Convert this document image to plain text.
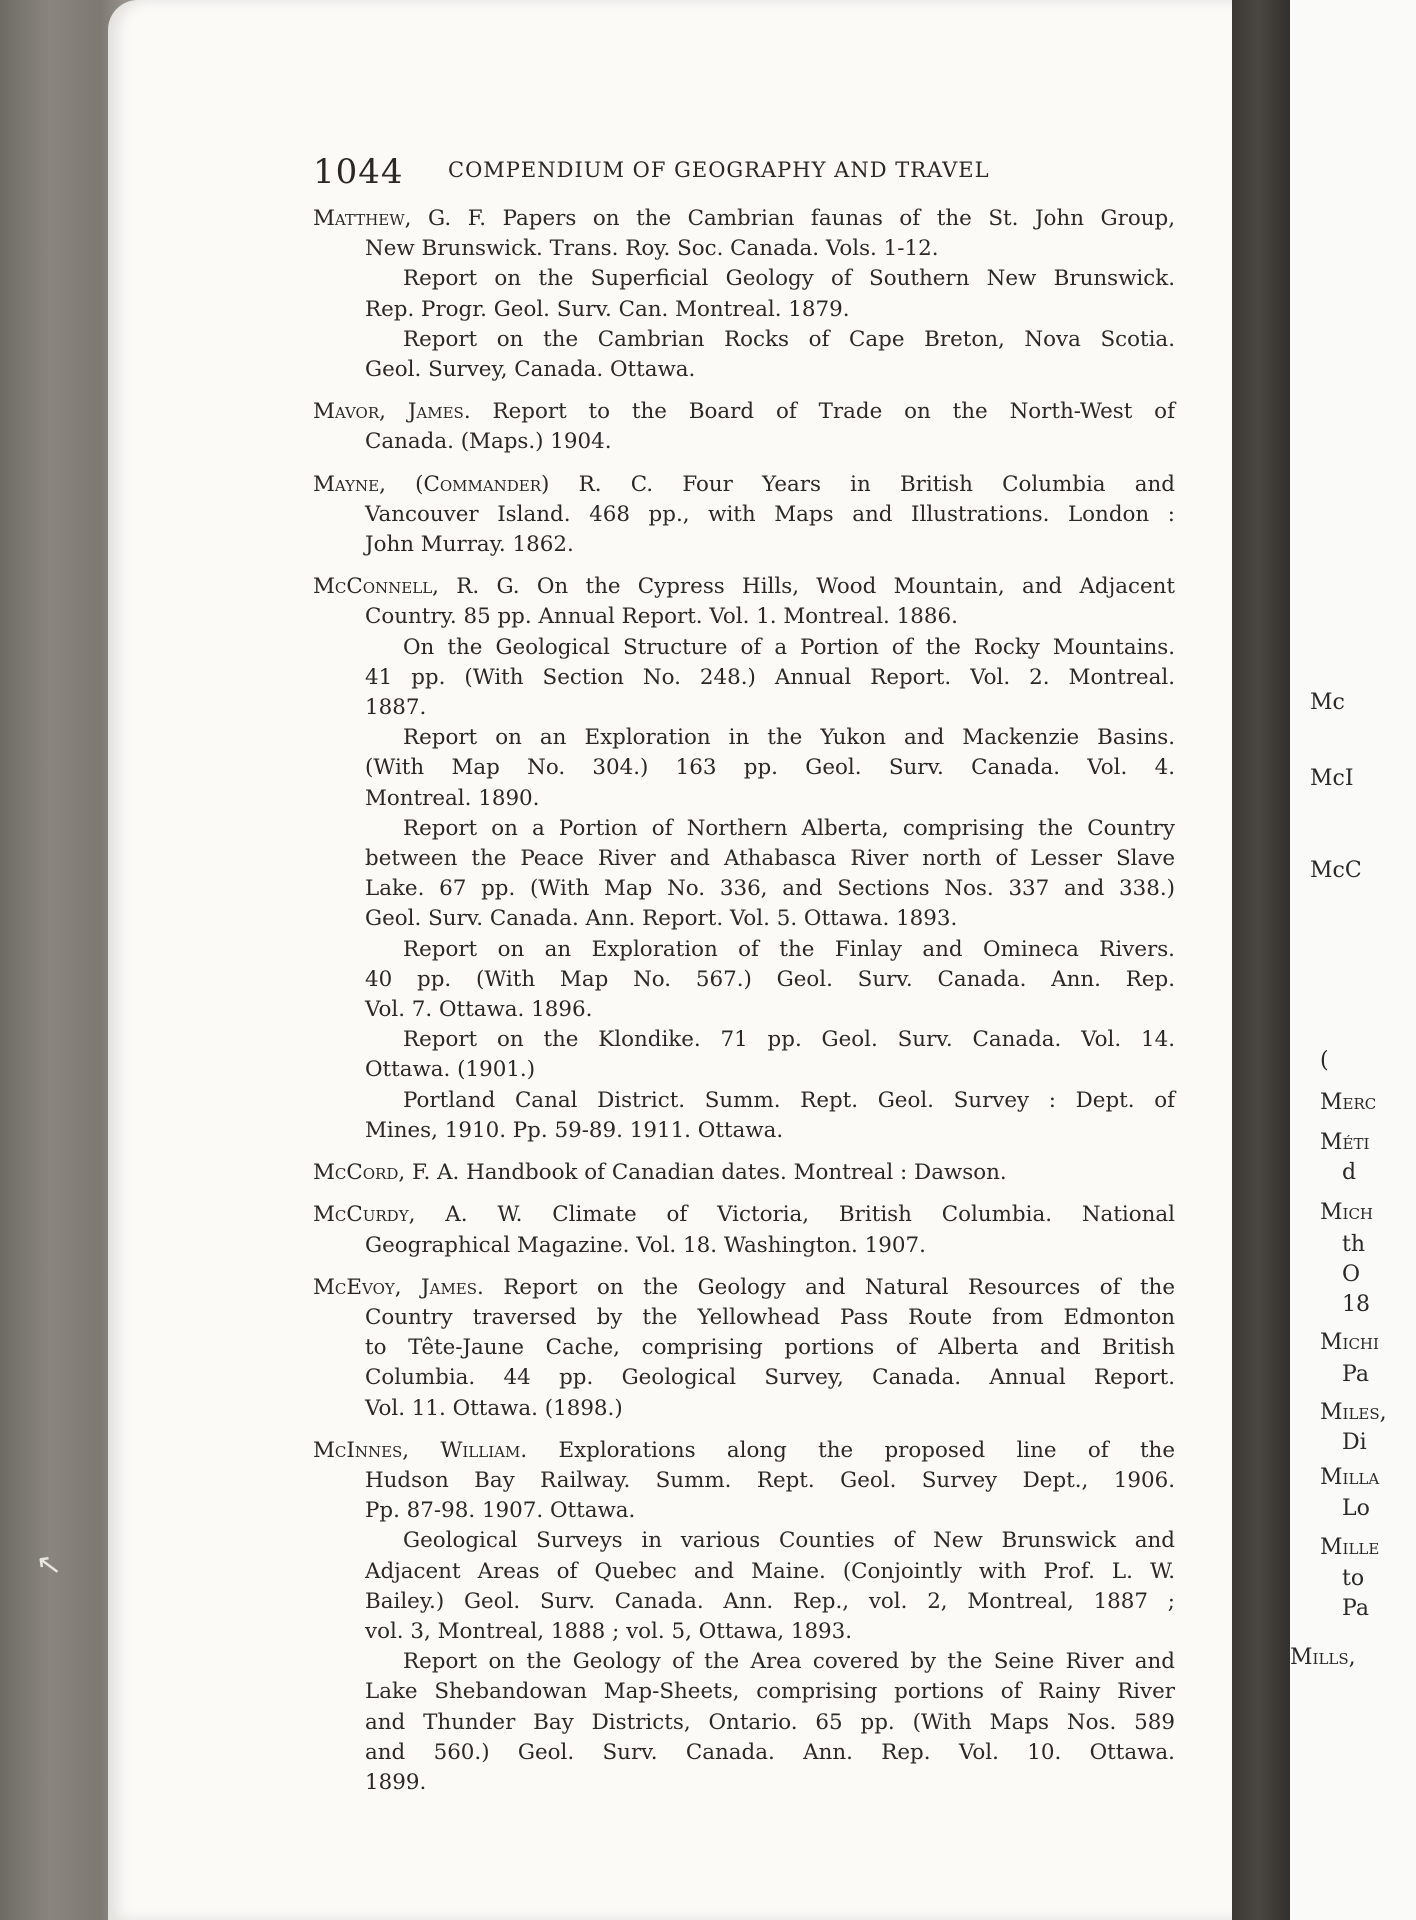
↖
Mc
McI
McC
(
Merc
Méti
d
Mich
th
O
18
Michi
Pa
Miles,
Di
Milla
Lo
Mille
to
Pa
Mills,
1044 COMPENDIUM OF GEOGRAPHY AND TRAVEL
Matthew, G. F. Papers on the Cambrian faunas of the St. John Group,
New Brunswick. Trans. Roy. Soc. Canada. Vols. 1-12.
Report on the Superficial Geology of Southern New Brunswick.
Rep. Progr. Geol. Surv. Can. Montreal. 1879.
Report on the Cambrian Rocks of Cape Breton, Nova Scotia.
Geol. Survey, Canada. Ottawa.
Mavor, James. Report to the Board of Trade on the North-West of
Canada. (Maps.) 1904.
Mayne, (Commander) R. C. Four Years in British Columbia and
Vancouver Island. 468 pp., with Maps and Illustrations. London :
John Murray. 1862.
McConnell, R. G. On the Cypress Hills, Wood Mountain, and Adjacent
Country. 85 pp. Annual Report. Vol. 1. Montreal. 1886.
On the Geological Structure of a Portion of the Rocky Mountains.
41 pp. (With Section No. 248.) Annual Report. Vol. 2. Montreal.
1887.
Report on an Exploration in the Yukon and Mackenzie Basins.
(With Map No. 304.) 163 pp. Geol. Surv. Canada. Vol. 4.
Montreal. 1890.
Report on a Portion of Northern Alberta, comprising the Country
between the Peace River and Athabasca River north of Lesser Slave
Lake. 67 pp. (With Map No. 336, and Sections Nos. 337 and 338.)
Geol. Surv. Canada. Ann. Report. Vol. 5. Ottawa. 1893.
Report on an Exploration of the Finlay and Omineca Rivers.
40 pp. (With Map No. 567.) Geol. Surv. Canada. Ann. Rep.
Vol. 7. Ottawa. 1896.
Report on the Klondike. 71 pp. Geol. Surv. Canada. Vol. 14.
Ottawa. (1901.)
Portland Canal District. Summ. Rept. Geol. Survey : Dept. of
Mines, 1910. Pp. 59-89. 1911. Ottawa.
McCord, F. A. Handbook of Canadian dates. Montreal : Dawson.
McCurdy, A. W. Climate of Victoria, British Columbia. National
Geographical Magazine. Vol. 18. Washington. 1907.
McEvoy, James. Report on the Geology and Natural Resources of the
Country traversed by the Yellowhead Pass Route from Edmonton
to Tête-Jaune Cache, comprising portions of Alberta and British
Columbia. 44 pp. Geological Survey, Canada. Annual Report.
Vol. 11. Ottawa. (1898.)
McInnes, William. Explorations along the proposed line of the
Hudson Bay Railway. Summ. Rept. Geol. Survey Dept., 1906.
Pp. 87-98. 1907. Ottawa.
Geological Surveys in various Counties of New Brunswick and
Adjacent Areas of Quebec and Maine. (Conjointly with Prof. L. W.
Bailey.) Geol. Surv. Canada. Ann. Rep., vol. 2, Montreal, 1887 ;
vol. 3, Montreal, 1888 ; vol. 5, Ottawa, 1893.
Report on the Geology of the Area covered by the Seine River and
Lake Shebandowan Map-Sheets, comprising portions of Rainy River
and Thunder Bay Districts, Ontario. 65 pp. (With Maps Nos. 589
and 560.) Geol. Surv. Canada. Ann. Rep. Vol. 10. Ottawa.
1899.
